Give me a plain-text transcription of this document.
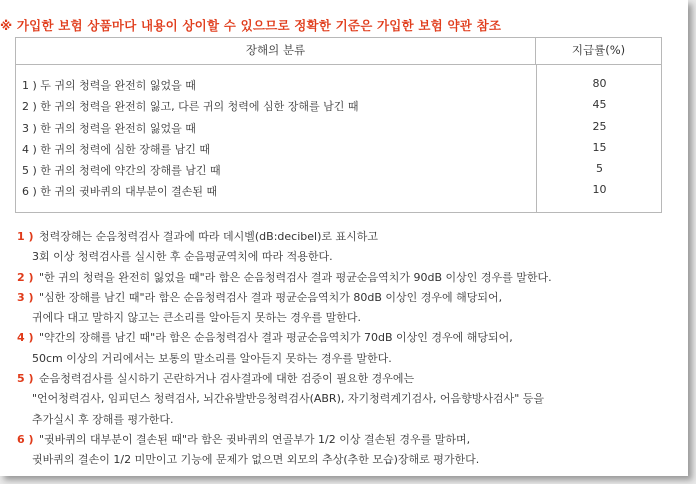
※ 가입한 보험 상품마다 내용이 상이할 수 있으므로 정확한 기준은 가입한 보험 약관 참조
장해의 분류	지급률(%)
1 ) 두 귀의 청력을 완전히 잃었을 때	80
2 ) 한 귀의 청력을 완전히 잃고, 다른 귀의 청력에 심한 장해를 남긴 때	45
3 ) 한 귀의 청력을 완전히 잃었을 때	25
4 ) 한 귀의 청력에 심한 장해를 남긴 때	15
5 ) 한 귀의 청력에 약간의 장해를 남긴 때	5
6 ) 한 귀의 귓바퀴의 대부분이 결손된 때	10
1 ) 청력장해는 순음청력검사 결과에 따라 데시벨(dB:decibel)로 표시하고
3회 이상 청력검사를 실시한 후 순음평균역치에 따라 적용한다.
2 ) "한 귀의 청력을 완전히 잃었을 때"라 함은 순음청력검사 결과 평균순음역치가 90dB 이상인 경우를 말한다.
3 ) "심한 장해를 남긴 때"라 함은 순음청력검사 결과 평균순음역치가 80dB 이상인 경우에 해당되어,
귀에다 대고 말하지 않고는 큰소리를 알아듣지 못하는 경우를 말한다.
4 ) "약간의 장해를 남긴 때"라 함은 순음청력검사 결과 평균순음역치가 70dB 이상인 경우에 해당되어,
50cm 이상의 거리에서는 보통의 말소리를 알아듣지 못하는 경우를 말한다.
5 ) 순음청력검사를 실시하기 곤란하거나 검사결과에 대한 검증이 필요한 경우에는
"언어청력검사, 임피던스 청력검사, 뇌간유발반응청력검사(ABR), 자기청력계기검사, 어음향방사검사" 등을
추가실시 후 장해를 평가한다.
6 ) "귓바퀴의 대부분이 결손된 때"라 함은 귓바퀴의 연골부가 1/2 이상 결손된 경우를 말하며,
귓바퀴의 결손이 1/2 미만이고 기능에 문제가 없으면 외모의 추상(추한 모습)장해로 평가한다.
